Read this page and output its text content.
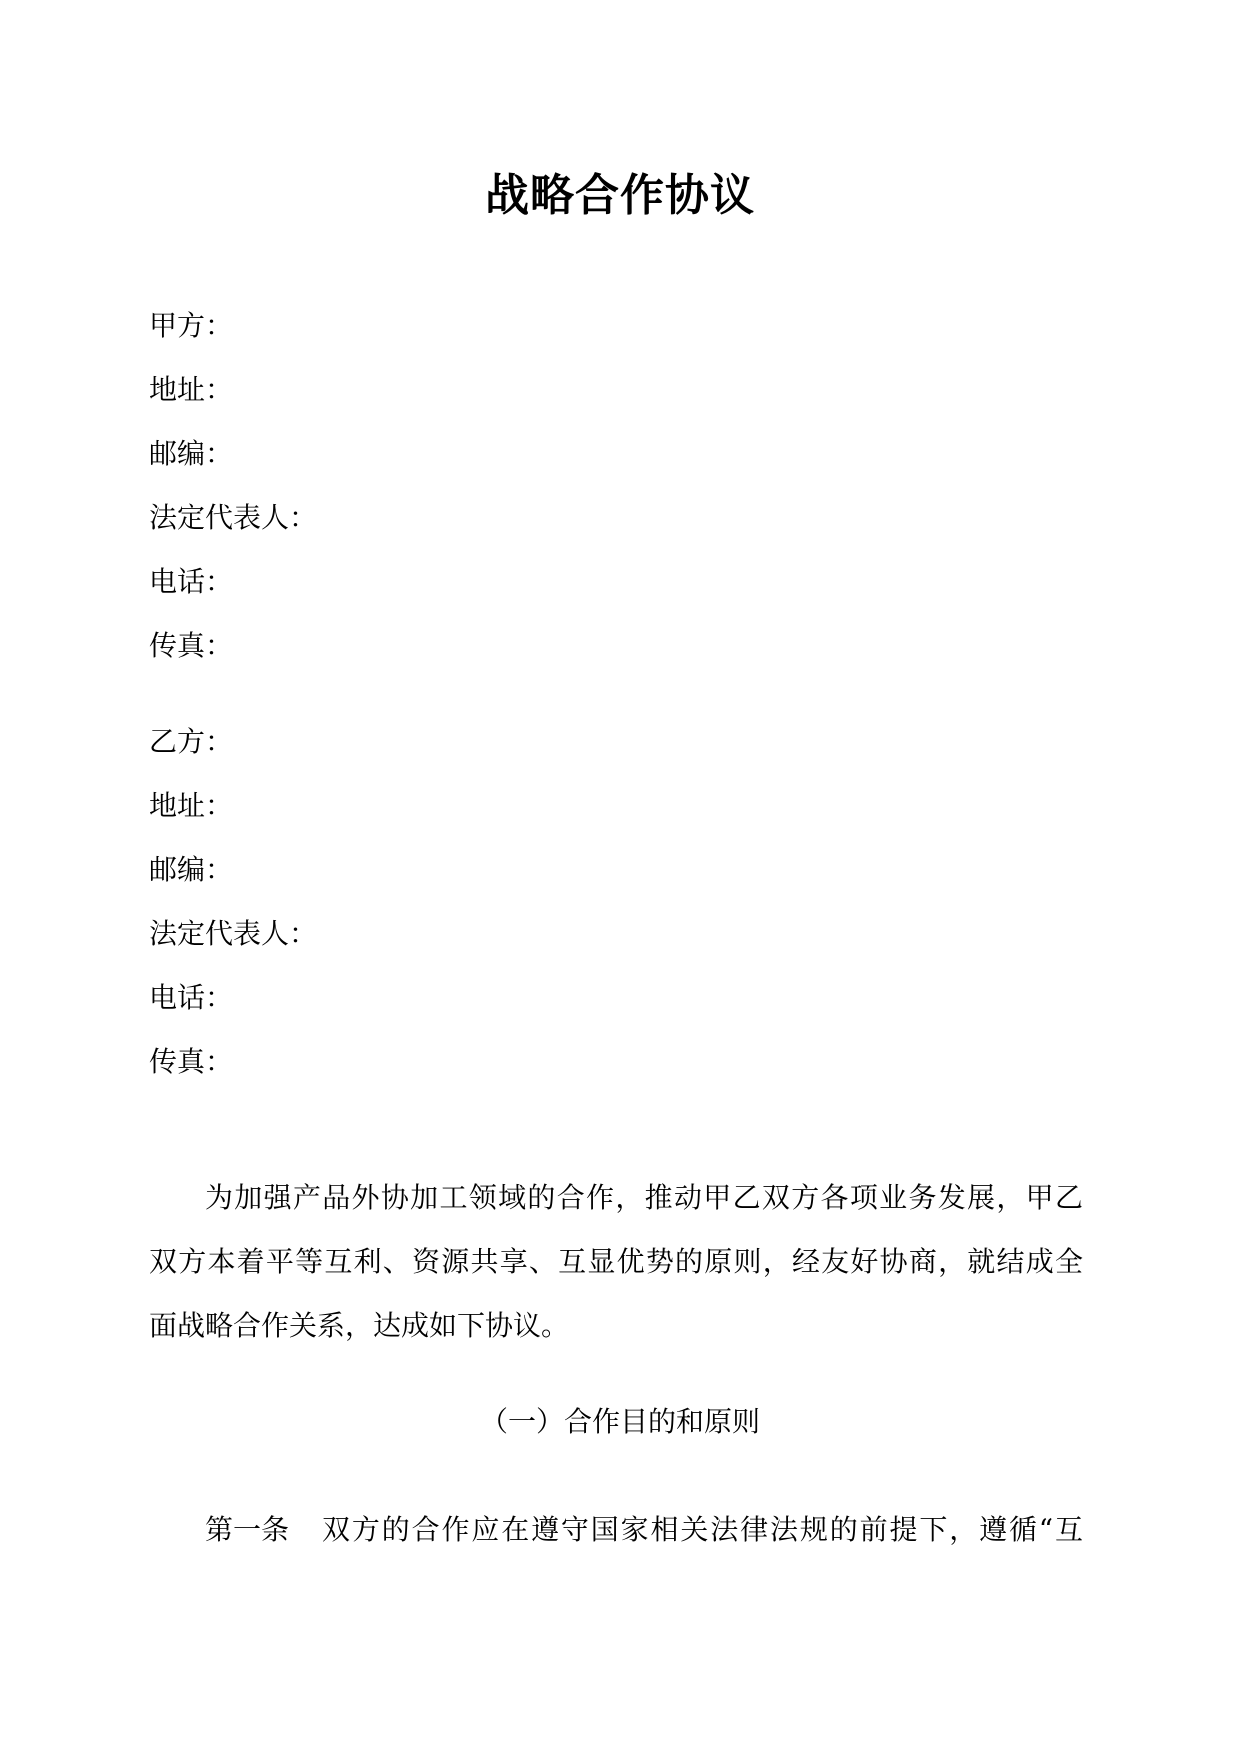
战略合作协议
甲方：
地址：
邮编：
法定代表人：
电话：
传真：
乙方：
地址：
邮编：
法定代表人：
电话：
传真：
为加强产品外协加工领域的合作，推动甲乙双方各项业务发展，甲乙
双方本着平等互利、资源共享、互显优势的原则，经友好协商，就结成全
面战略合作关系，达成如下协议。
（一）合作目的和原则
第一条 双方的合作应在遵守国家相关法律法规的前提下，遵循“互
